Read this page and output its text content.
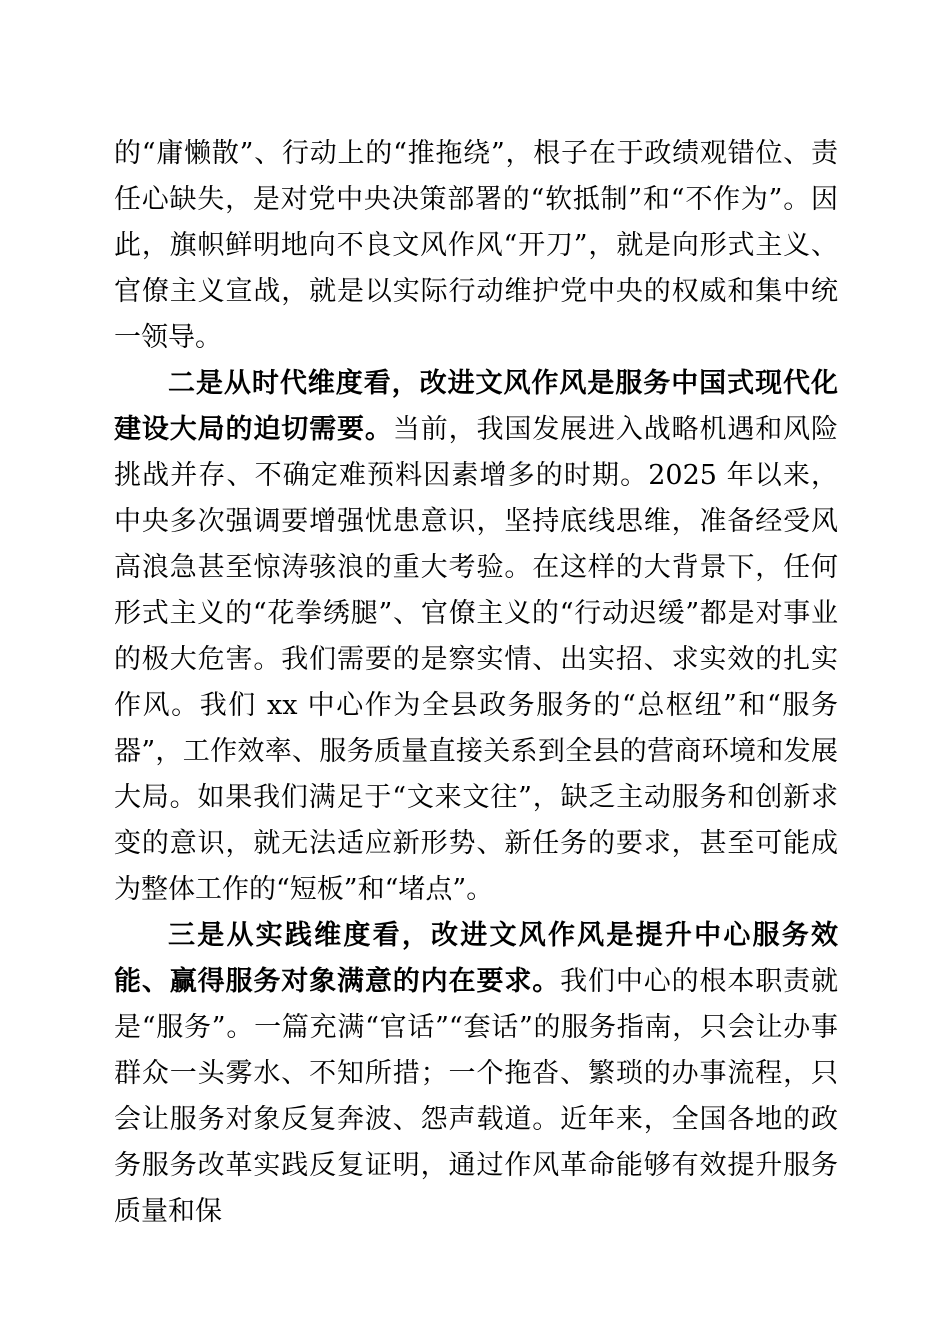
的“庸懒散”、行动上的“推拖绕”，根子在于政绩观错位、责任心缺失，是对党中央决策部署的“软抵制”和“不作为”。因此，旗帜鲜明地向不良文风作风“开刀”，就是向形式主义、官僚主义宣战，就是以实际行动维护党中央的权威和集中统一领导。

二是从时代维度看，改进文风作风是服务中国式现代化建设大局的迫切需要。当前，我国发展进入战略机遇和风险挑战并存、不确定难预料因素增多的时期。2025 年以来，中央多次强调要增强忧患意识，坚持底线思维，准备经受风高浪急甚至惊涛骇浪的重大考验。在这样的大背景下，任何形式主义的“花拳绣腿”、官僚主义的“行动迟缓”都是对事业的极大危害。我们需要的是察实情、出实招、求实效的扎实作风。我们 xx 中心作为全县政务服务的“总枢纽”和“服务器”，工作效率、服务质量直接关系到全县的营商环境和发展大局。如果我们满足于“文来文往”，缺乏主动服务和创新求变的意识，就无法适应新形势、新任务的要求，甚至可能成为整体工作的“短板”和“堵点”。

三是从实践维度看，改进文风作风是提升中心服务效能、赢得服务对象满意的内在要求。我们中心的根本职责就是“服务”。一篇充满“官话”“套话”的服务指南，只会让办事群众一头雾水、不知所措；一个拖沓、繁琐的办事流程，只会让服务对象反复奔波、怨声载道。近年来，全国各地的政务服务改革实践反复证明，通过作风革命能够有效提升服务质量和保
